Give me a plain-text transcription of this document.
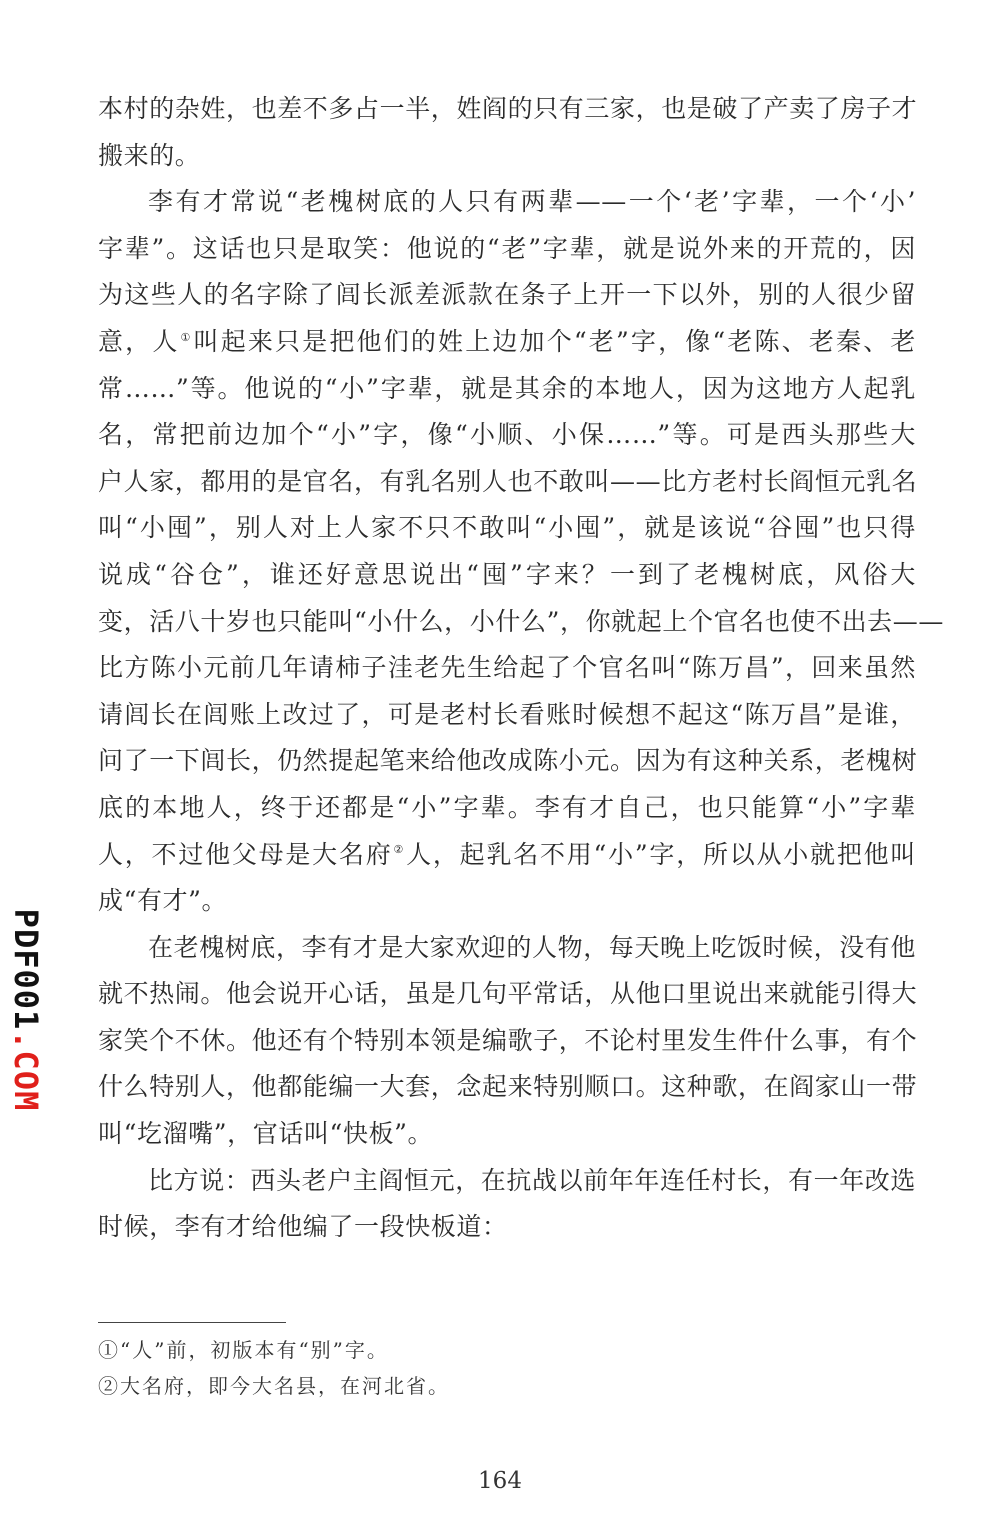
本村的杂姓，也差不多占一半，姓阎的只有三家，也是破了产卖了房子才
搬来的。
李有才常说“老槐树底的人只有两辈——一个‘老’字辈，一个‘小’
字辈”。这话也只是取笑：他说的“老”字辈，就是说外来的开荒的，因
为这些人的名字除了闾长派差派款在条子上开一下以外，别的人很少留
意，人①叫起来只是把他们的姓上边加个“老”字，像“老陈、老秦、老
常……”等。他说的“小”字辈，就是其余的本地人，因为这地方人起乳
名，常把前边加个“小”字，像“小顺、小保……”等。可是西头那些大
户人家，都用的是官名，有乳名别人也不敢叫——比方老村长阎恒元乳名
叫“小囤”，别人对上人家不只不敢叫“小囤”，就是该说“谷囤”也只得
说成“谷仓”，谁还好意思说出“囤”字来？一到了老槐树底，风俗大
变，活八十岁也只能叫“小什么，小什么”，你就起上个官名也使不出去——
比方陈小元前几年请柿子洼老先生给起了个官名叫“陈万昌”，回来虽然
请闾长在闾账上改过了，可是老村长看账时候想不起这“陈万昌”是谁，
问了一下闾长，仍然提起笔来给他改成陈小元。因为有这种关系，老槐树
底的本地人，终于还都是“小”字辈。李有才自己，也只能算“小”字辈
人，不过他父母是大名府②人，起乳名不用“小”字，所以从小就把他叫
成“有才”。
在老槐树底，李有才是大家欢迎的人物，每天晚上吃饭时候，没有他
就不热闹。他会说开心话，虽是几句平常话，从他口里说出来就能引得大
家笑个不休。他还有个特别本领是编歌子，不论村里发生件什么事，有个
什么特别人，他都能编一大套，念起来特别顺口。这种歌，在阎家山一带
叫“圪溜嘴”，官话叫“快板”。
比方说：西头老户主阎恒元，在抗战以前年年连任村长，有一年改选
时候，李有才给他编了一段快板道：
①“人”前，初版本有“别”字。
②大名府，即今大名县，在河北省。
164
PDF001.COM
